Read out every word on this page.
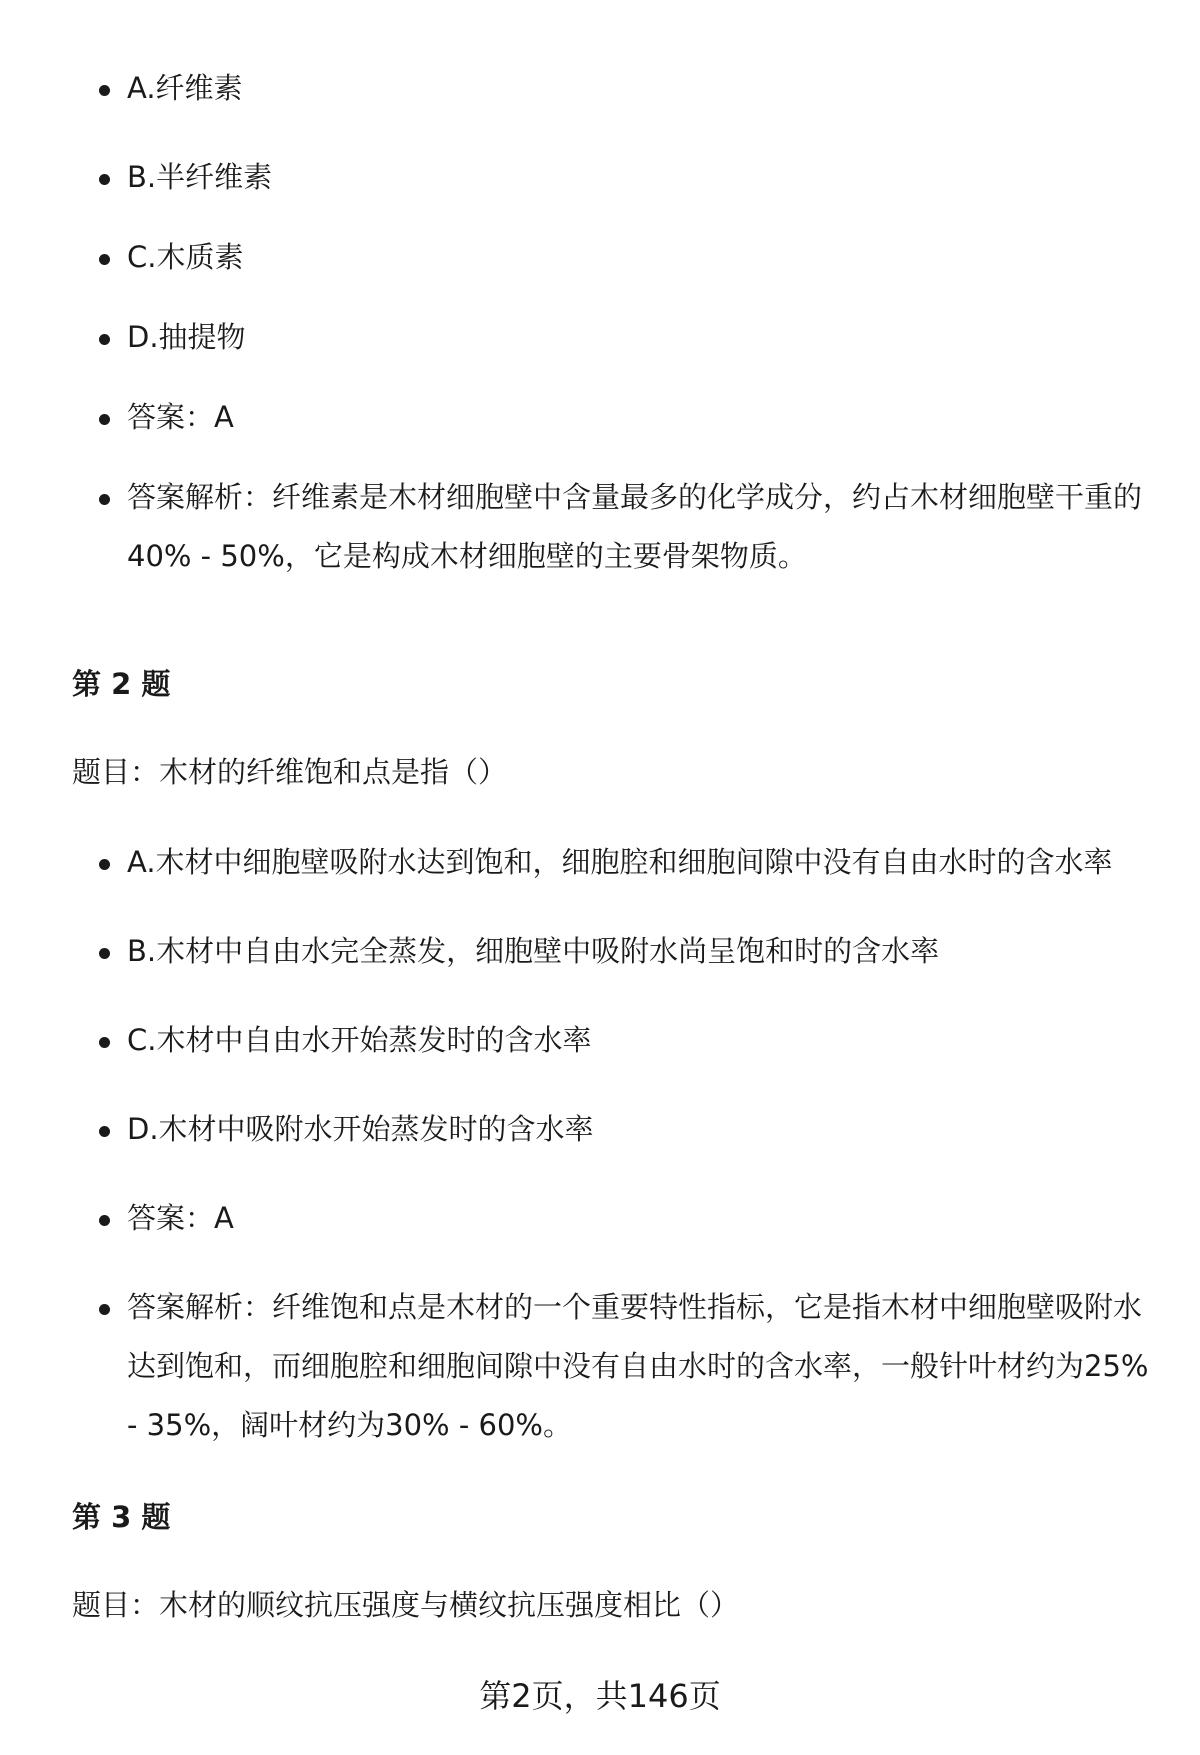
A.纤维素
B.半纤维素
C.木质素
D.抽提物
答案：A
答案解析：纤维素是木材细胞壁中含量最多的化学成分，约占木材细胞壁干重的40% - 50%，它是构成木材细胞壁的主要骨架物质。
第 2 题
题目：木材的纤维饱和点是指（）
A.木材中细胞壁吸附水达到饱和，细胞腔和细胞间隙中没有自由水时的含水率
B.木材中自由水完全蒸发，细胞壁中吸附水尚呈饱和时的含水率
C.木材中自由水开始蒸发时的含水率
D.木材中吸附水开始蒸发时的含水率
答案：A
答案解析：纤维饱和点是木材的一个重要特性指标，它是指木材中细胞壁吸附水达到饱和，而细胞腔和细胞间隙中没有自由水时的含水率，一般针叶材约为25% - 35%，阔叶材约为30% - 60%。
第 3 题
题目：木材的顺纹抗压强度与横纹抗压强度相比（）
第2页，共146页
